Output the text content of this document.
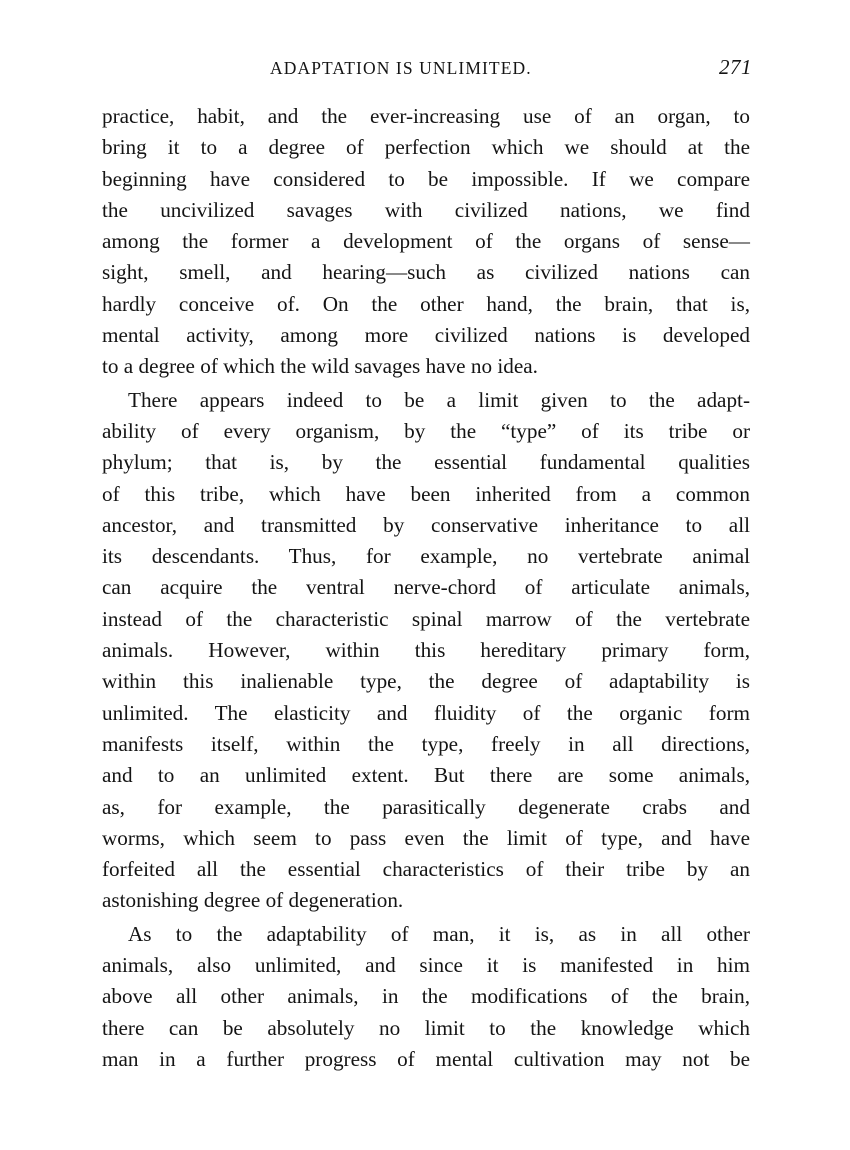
ADAPTATION IS UNLIMITED.	271
practice, habit, and the ever-increasing use of an organ, to
bring it to a degree of perfection which we should at the
beginning have considered to be impossible. If we compare
the uncivilized savages with civilized nations, we find
among the former a development of the organs of sense—
sight, smell, and hearing—such as civilized nations can
hardly conceive of. On the other hand, the brain, that is,
mental activity, among more civilized nations is developed
to a degree of which the wild savages have no idea.
There appears indeed to be a limit given to the adapt-
ability of every organism, by the “type” of its tribe or
phylum; that is, by the essential fundamental qualities
of this tribe, which have been inherited from a common
ancestor, and transmitted by conservative inheritance to all
its descendants. Thus, for example, no vertebrate animal
can acquire the ventral nerve-chord of articulate animals,
instead of the characteristic spinal marrow of the vertebrate
animals. However, within this hereditary primary form,
within this inalienable type, the degree of adaptability is
unlimited. The elasticity and fluidity of the organic form
manifests itself, within the type, freely in all directions,
and to an unlimited extent. But there are some animals,
as, for example, the parasitically degenerate crabs and
worms, which seem to pass even the limit of type, and have
forfeited all the essential characteristics of their tribe by an
astonishing degree of degeneration.
As to the adaptability of man, it is, as in all other
animals, also unlimited, and since it is manifested in him
above all other animals, in the modifications of the brain,
there can be absolutely no limit to the knowledge which
man in a further progress of mental cultivation may not be
